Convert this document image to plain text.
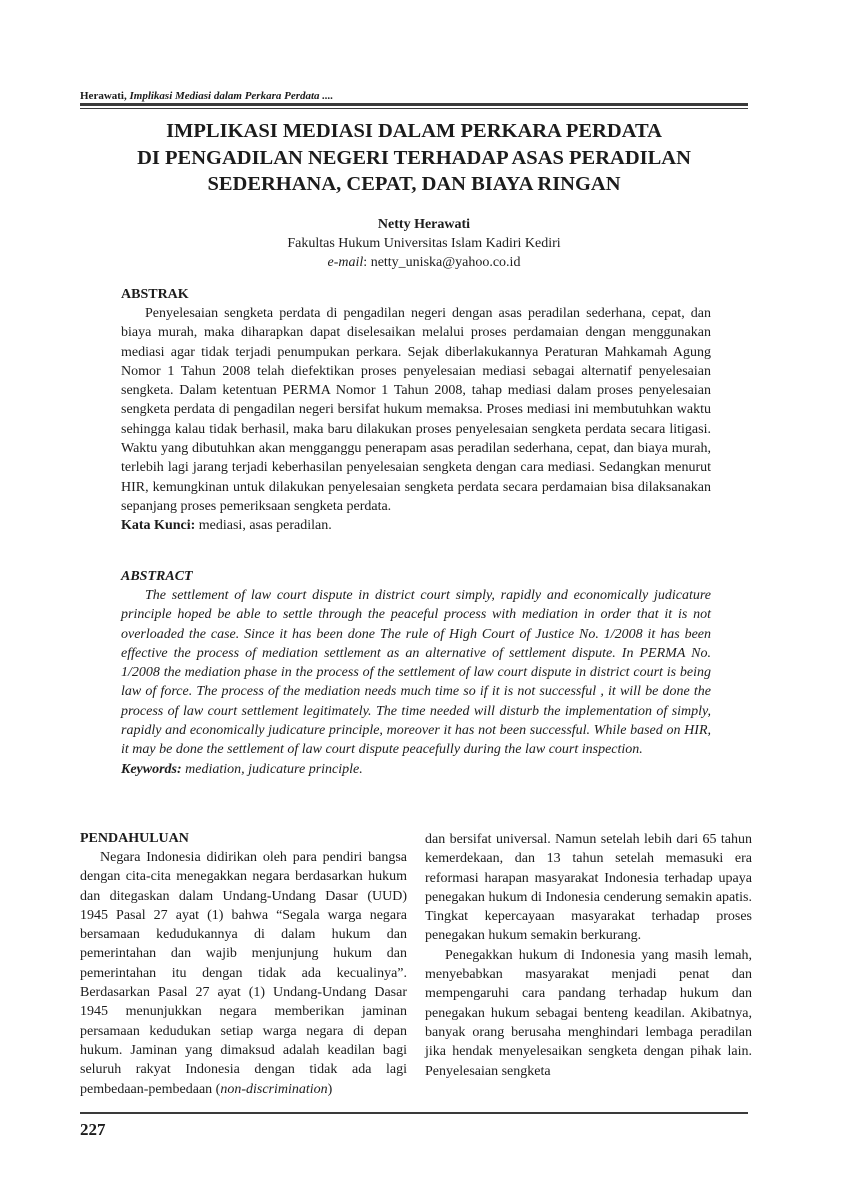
Herawati, Implikasi Mediasi dalam Perkara Perdata ....
IMPLIKASI MEDIASI DALAM PERKARA PERDATA
DI PENGADILAN NEGERI TERHADAP ASAS PERADILAN
SEDERHANA, CEPAT, DAN BIAYA RINGAN
Netty Herawati
Fakultas Hukum Universitas Islam Kadiri Kediri
e-mail: netty_uniska@yahoo.co.id
ABSTRAK

Penyelesaian sengketa perdata di pengadilan negeri dengan asas peradilan sederhana, cepat, dan biaya murah, maka diharapkan dapat diselesaikan melalui proses perdamaian dengan menggunakan mediasi agar tidak terjadi penumpukan perkara. Sejak diberlakukannya Peraturan Mahkamah Agung Nomor 1 Tahun 2008 telah diefektikan proses penyelesaian mediasi sebagai alternatif penyelesaian sengketa. Dalam ketentuan PERMA Nomor 1 Tahun 2008, tahap mediasi dalam proses penyelesaian sengketa perdata di pengadilan negeri bersifat hukum memaksa. Proses mediasi ini membutuhkan waktu sehingga kalau tidak berhasil, maka baru dilakukan proses penyelesaian sengketa perdata secara litigasi. Waktu yang dibutuhkan akan mengganggu penerapam asas peradilan sederhana, cepat, dan biaya murah, terlebih lagi jarang terjadi keberhasilan penyelesaian sengketa dengan cara mediasi. Sedangkan menurut HIR, kemungkinan untuk dilakukan penyelesaian sengketa perdata secara perdamaian bisa dilaksanakan sepanjang proses pemeriksaan sengketa perdata.

Kata Kunci: mediasi, asas peradilan.

ABSTRACT

The settlement of law court dispute in district court simply, rapidly and economically judicature principle hoped be able to settle through the peaceful process with mediation in order that it is not overloaded the case. Since it has been done The rule of High Court of Justice No. 1/2008 it has been effective the process of mediation settlement as an alternative of settlement dispute. In PERMA No. 1/2008 the mediation phase in the process of the settlement of law court dispute in district court is being law of force. The process of the mediation needs much time so if it is not successful , it will be done the process of law court settlement legitimately. The time needed will disturb the implementation of simply, rapidly and economically judicature principle, moreover it has not been successful. While based on HIR, it may be done the settlement of law court dispute peacefully during the law court inspection.

Keywords: mediation, judicature principle.

PENDAHULUAN

Negara Indonesia didirikan oleh para pendiri bangsa dengan cita-cita menegakkan negara berdasarkan hukum dan ditegaskan dalam Undang-Undang Dasar (UUD) 1945 Pasal 27 ayat (1) bahwa “Segala warga negara bersamaan kedudukannya di dalam hukum dan pemerintahan dan wajib menjunjung hukum dan pemerintahan itu dengan tidak ada kecualinya”. Berdasarkan Pasal 27 ayat (1) Undang-Undang Dasar 1945 menunjukkan negara memberikan jaminan persamaan kedudukan setiap warga negara di depan hukum. Jaminan yang dimaksud adalah keadilan bagi seluruh rakyat Indonesia dengan tidak ada lagi pembedaan-pembedaan (non-discrimination)

dan bersifat universal. Namun setelah lebih dari 65 tahun kemerdekaan, dan 13 tahun setelah memasuki era reformasi harapan masyarakat Indonesia terhadap upaya penegakan hukum di Indonesia cenderung semakin apatis. Tingkat kepercayaan masyarakat terhadap proses penegakan hukum semakin berkurang.

Penegakkan hukum di Indonesia yang masih lemah, menyebabkan masyarakat menjadi penat dan mempengaruhi cara pandang terhadap hukum dan penegakan hukum sebagai benteng keadilan. Akibatnya, banyak orang berusaha menghindari lembaga peradilan jika hendak menyelesaikan sengketa dengan pihak lain. Penyelesaian sengketa

227
